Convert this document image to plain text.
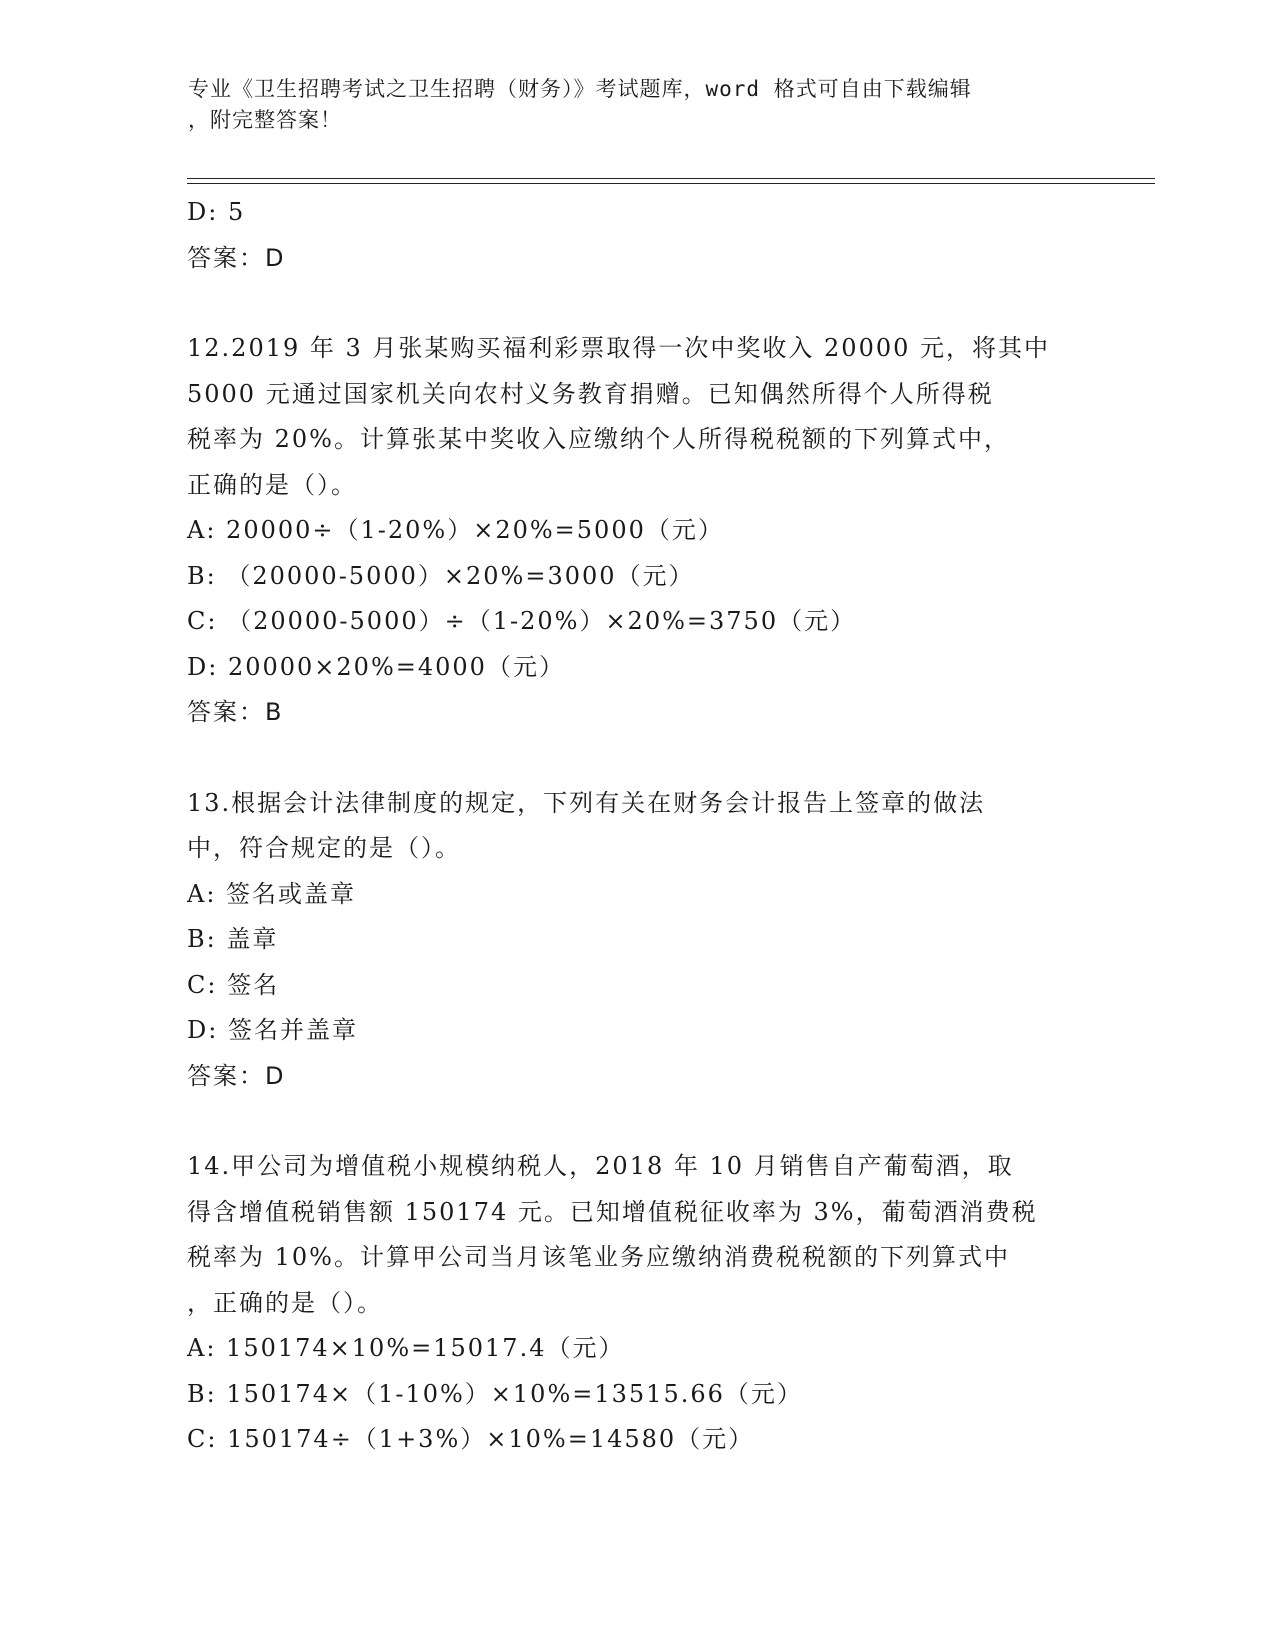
专业《卫生招聘考试之卫生招聘（财务）》考试题库，word 格式可自由下载编辑
，附完整答案！
D: 5
答案：D
12.2019 年 3 月张某购买福利彩票取得一次中奖收入 20000 元，将其中
5000 元通过国家机关向农村义务教育捐赠。已知偶然所得个人所得税
税率为 20%。计算张某中奖收入应缴纳个人所得税税额的下列算式中，
正确的是（）。
A: 20000÷（1-20%）×20%=5000（元）
B: （20000-5000）×20%=3000（元）
C: （20000-5000）÷（1-20%）×20%=3750（元）
D: 20000×20%=4000（元）
答案：B
13.根据会计法律制度的规定，下列有关在财务会计报告上签章的做法
中，符合规定的是（）。
A: 签名或盖章
B: 盖章
C: 签名
D: 签名并盖章
答案：D
14.甲公司为增值税小规模纳税人，2018 年 10 月销售自产葡萄酒，取
得含增值税销售额 150174 元。已知增值税征收率为 3%，葡萄酒消费税
税率为 10%。计算甲公司当月该笔业务应缴纳消费税税额的下列算式中
，正确的是（）。
A: 150174×10%=15017.4（元）
B: 150174×（1-10%）×10%=13515.66（元）
C: 150174÷（1+3%）×10%=14580（元）
